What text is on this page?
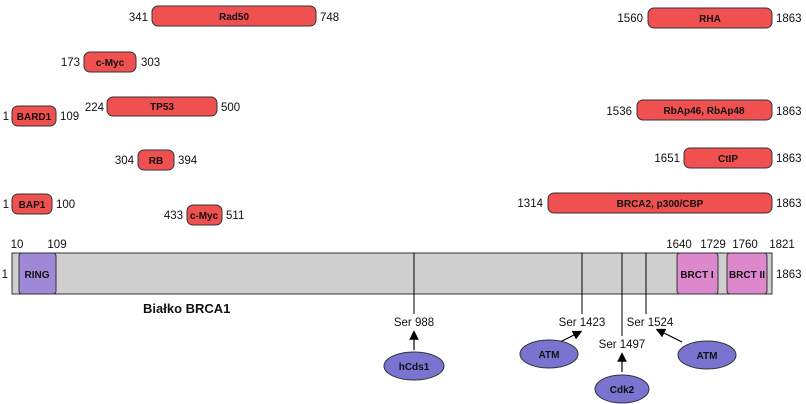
Rad50
341	748	RHA
1560	1863
c-Myc
173	303
TP53
224	500
BARD1
1	109	RbAp46, RbAp48
1536	1863
RB
304	394	CtIP
1651	1863
BAP1
1	100
c-Myc
433	511
BRCA2, p300/CBP
1314	1863
1	1863
RING
10 109
BRCT I
1640 1729
BRCT II
1760 1821
Białko BRCA1
Ser 988
hCds1
Ser 1423
ATM
Ser 1497
Cdk2
Ser 1524
ATM
